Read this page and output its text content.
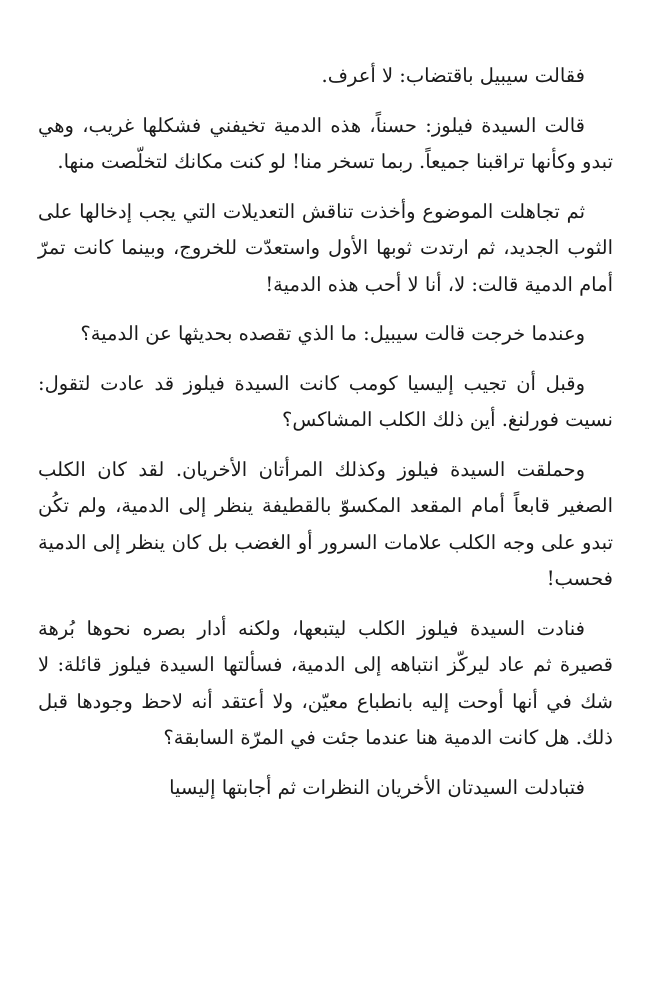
فقالت سيبيل باقتضاب: لا أعرف.

قالت السيدة فيلوز: حسناً، هذه الدمية تخيفني فشكلها غريب، وهي تبدو وكأنها تراقبنا جميعاً. ربما تسخر منا! لو كنت مكانك لتخلّصت منها.

ثم تجاهلت الموضوع وأخذت تناقش التعديلات التي يجب إدخالها على الثوب الجديد، ثم ارتدت ثوبها الأول واستعدّت للخروج، وبينما كانت تمرّ أمام الدمية قالت: لا، أنا لا أحب هذه الدمية!

وعندما خرجت قالت سيبيل: ما الذي تقصده بحديثها عن الدمية؟

وقبل أن تجيب إليسيا كومب كانت السيدة فيلوز قد عادت لتقول: نسيت فورلنغ. أين ذلك الكلب المشاكس؟

وحملقت السيدة فيلوز وكذلك المرأتان الأخريان. لقد كان الكلب الصغير قابعاً أمام المقعد المكسوّ بالقطيفة ينظر إلى الدمية، ولم تكُن تبدو على وجه الكلب علامات السرور أو الغضب بل كان ينظر إلى الدمية فحسب!

فنادت السيدة فيلوز الكلب ليتبعها، ولكنه أدار بصره نحوها بُرهة قصيرة ثم عاد ليركّز انتباهه إلى الدمية، فسألتها السيدة فيلوز قائلة: لا شك في أنها أوحت إليه بانطباع معيّن، ولا أعتقد أنه لاحظ وجودها قبل ذلك. هل كانت الدمية هنا عندما جئت في المرّة السابقة؟

فتبادلت السيدتان الأخريان النظرات ثم أجابتها إليسيا
